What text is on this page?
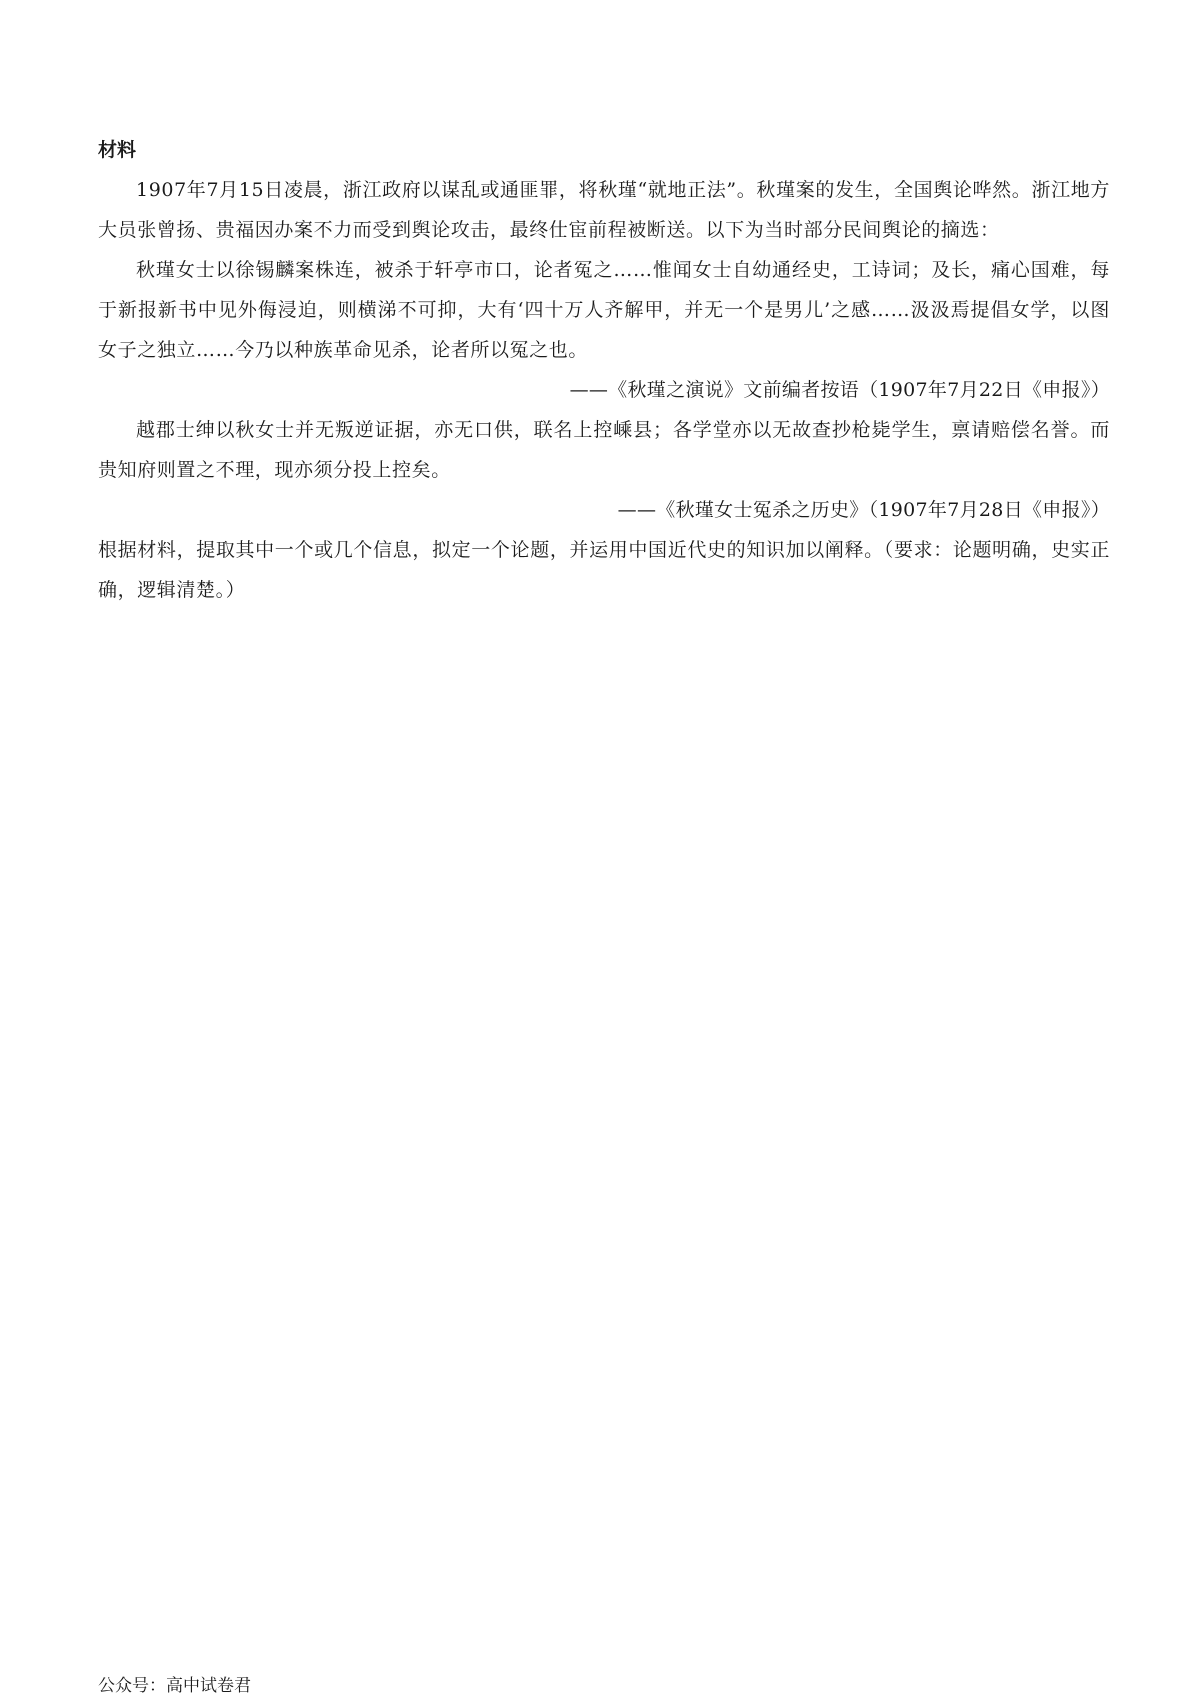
材料

1907年7月15日凌晨，浙江政府以谋乱或通匪罪，将秋瑾“就地正法”。秋瑾案的发生，全国舆论哗然。浙江地方大员张曾扬、贵福因办案不力而受到舆论攻击，最终仕宦前程被断送。以下为当时部分民间舆论的摘选：

秋瑾女士以徐锡麟案株连，被杀于轩亭市口，论者冤之……惟闻女士自幼通经史，工诗词；及长，痛心国难，每于新报新书中见外侮浸迫，则横涕不可抑，大有‘四十万人齐解甲，并无一个是男儿’之感……汲汲焉提倡女学，以图女子之独立……今乃以种族革命见杀，论者所以冤之也。

——《秋瑾之演说》文前编者按语（1907年7月22日《申报》）

越郡士绅以秋女士并无叛逆证据，亦无口供，联名上控嵊县；各学堂亦以无故查抄枪毙学生，禀请赔偿名誉。而贵知府则置之不理，现亦须分投上控矣。

——《秋瑾女士冤杀之历史》（1907年7月28日《申报》）

根据材料，提取其中一个或几个信息，拟定一个论题，并运用中国近代史的知识加以阐释。（要求：论题明确，史实正确，逻辑清楚。）

公众号：高中试卷君
